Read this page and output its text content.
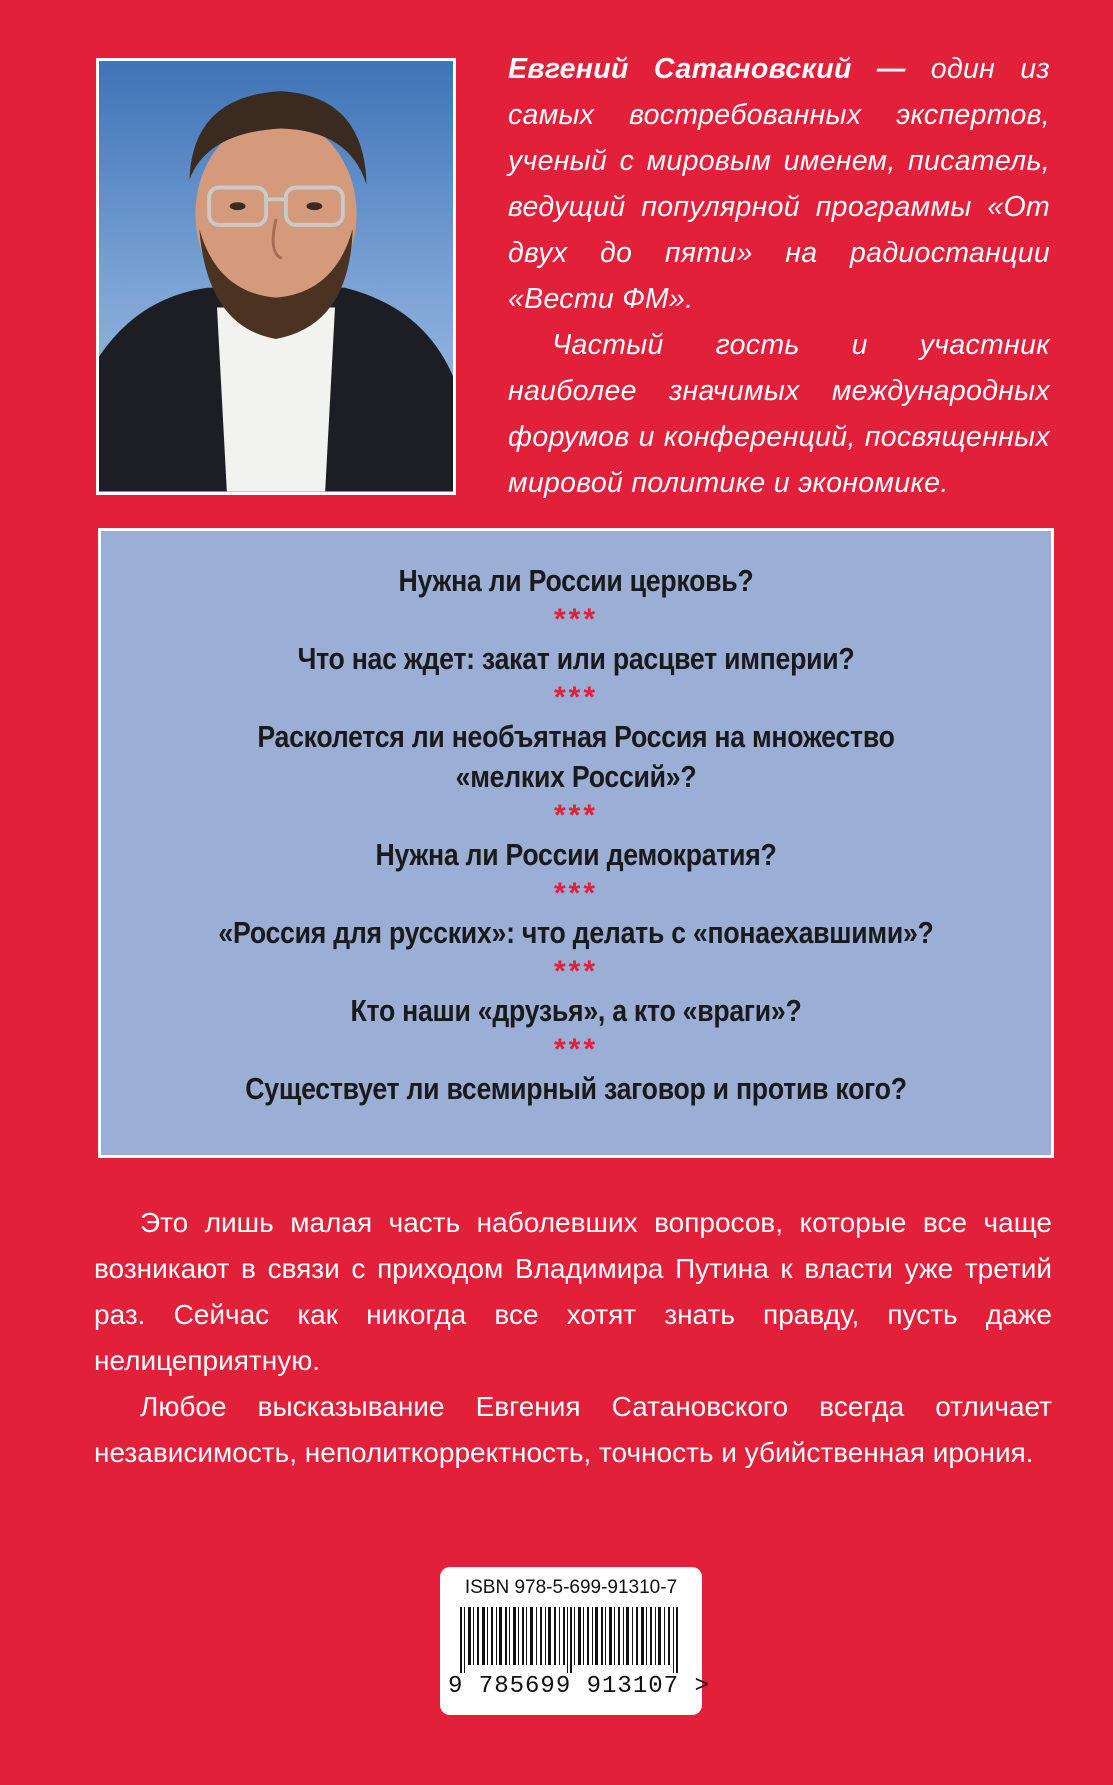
Евгений Сатановский — один из самых востребованных экспертов, ученый с мировым именем, писатель, ведущий популярной программы «От двух до пяти» на радиостанции «Вести ФМ».

Частый гость и участник наиболее значимых международных форумов и конференций, посвященных мировой политике и экономике.

Нужна ли России церковь?

***

Что нас ждет: закат или расцвет империи?

***

Расколется ли необъятная Россия на множество «мелких Россий»?

***

Нужна ли России демократия?

***

«Россия для русских»: что делать с «понаехавшими»?

***

Кто наши «друзья», а кто «враги»?

***

Существует ли всемирный заговор и против кого?

Это лишь малая часть наболевших вопросов, которые все чаще возникают в связи с приходом Владимира Путина к власти уже третий раз. Сейчас как никогда все хотят знать правду, пусть даже нелицеприятную.

Любое высказывание Евгения Сатановского всегда отличает независимость, неполиткорректность, точность и убийственная ирония.

ISBN 978-5-699-91310-7
9 785699 913107 >
